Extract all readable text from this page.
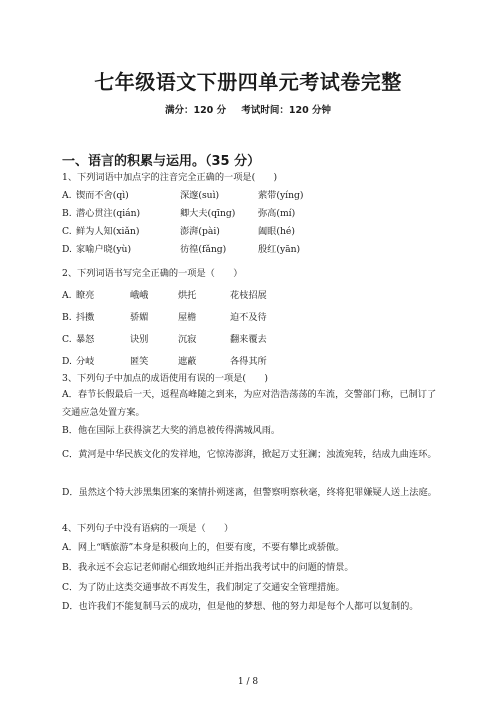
七年级语文下册四单元考试卷完整
满分：120 分 考试时间：120 分钟
一、语言的积累与运用。（35 分）
1、下列词语中加点字的注音完全正确的一项是(　　)
A. 锲而不舍(qì)	深邃(suì)	萦带(yíng)
B. 潜心贯注(qián)	卿大夫(qīng) 弥高(mí)
C. 鲜为人知(xiǎn)	澎湃(pài)	阖眼(hé)
D. 家喻户晓(yù)	彷徨(fǎng)	殷红(yān)
2、下列词语书写完全正确的一项是（　　）
A. 瞭亮	峨峨	烘托	花枝招展
B. 抖擞	骄媚	屋檐	迫不及待
C. 暴怒	诀别	沉寂	翻来覆去
D. 分岐	匿笑	遮蔽	各得其所
3、下列句子中加点的成语使用有误的一项是(　　)

A．春节长假最后一天，返程高峰随之到来，为应对浩浩荡荡的车流，交警部门称，已制订了交通应急处置方案。

B．他在国际上获得演艺大奖的消息被传得满城风雨。

C．黄河是中华民族文化的发祥地，它惊涛澎湃，掀起万丈狂澜；浊流宛转，结成九曲连环。

D．虽然这个特大涉黑集团案的案情扑朔迷离，但警察明察秋毫，终将犯罪嫌疑人送上法庭。

4、下列句子中没有语病的一项是（　　）

A．网上“晒旅游”本身是积极向上的，但要有度，不要有攀比或骄傲。

B．我永远不会忘记老师耐心细致地纠正并指出我考试中的问题的情景。

C．为了防止这类交通事故不再发生，我们制定了交通安全管理措施。

D．也许我们不能复制马云的成功，但是他的梦想、他的努力却是每个人都可以复制的。

1 / 8
